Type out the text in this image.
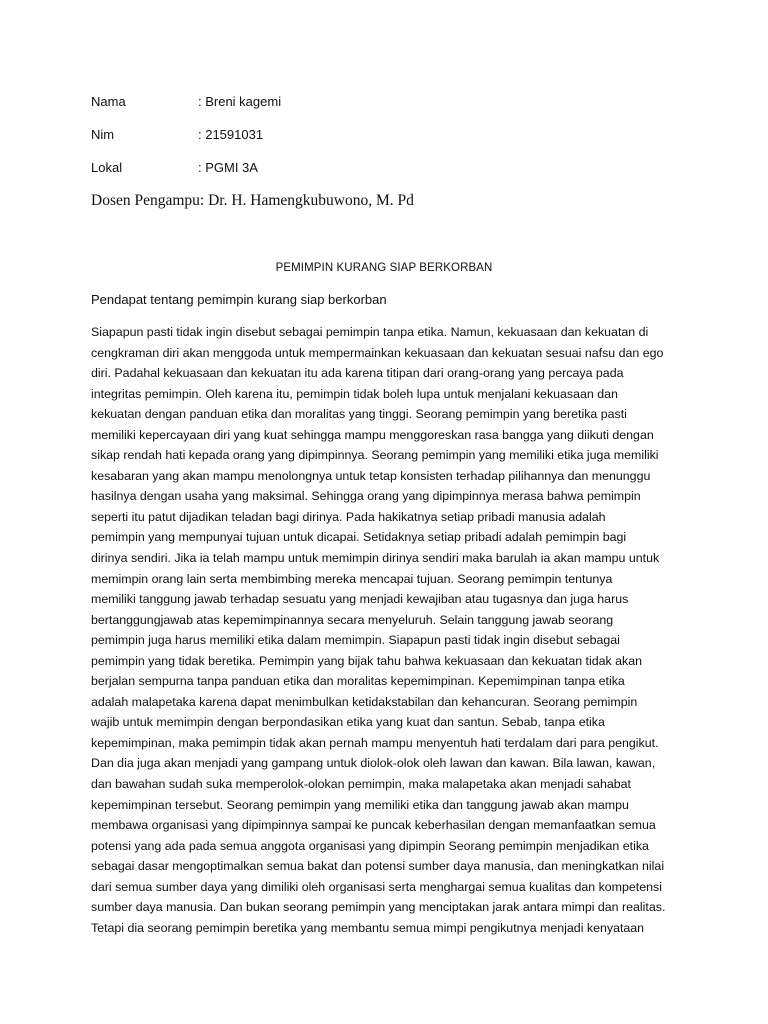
Nama	: Breni kagemi
Nim	: 21591031
Lokal	: PGMI 3A
Dosen Pengampu: Dr. H. Hamengkubuwono, M. Pd
PEMIMPIN KURANG SIAP BERKORBAN
Pendapat tentang pemimpin kurang siap berkorban
Siapapun pasti tidak ingin disebut sebagai pemimpin tanpa etika. Namun, kekuasaan dan kekuatan di
cengkraman diri akan menggoda untuk mempermainkan kekuasaan dan kekuatan sesuai nafsu dan ego
diri. Padahal kekuasaan dan kekuatan itu ada karena titipan dari orang-orang yang percaya pada
integritas pemimpin. Oleh karena itu, pemimpin tidak boleh lupa untuk menjalani kekuasaan dan
kekuatan dengan panduan etika dan moralitas yang tinggi. Seorang pemimpin yang beretika pasti
memiliki kepercayaan diri yang kuat sehingga mampu menggoreskan rasa bangga yang diikuti dengan
sikap rendah hati kepada orang yang dipimpinnya. Seorang pemimpin yang memiliki etika juga memiliki
kesabaran yang akan mampu menolongnya untuk tetap konsisten terhadap pilihannya dan menunggu
hasilnya dengan usaha yang maksimal. Sehingga orang yang dipimpinnya merasa bahwa pemimpin
seperti itu patut dijadikan teladan bagi dirinya. Pada hakikatnya setiap pribadi manusia adalah
pemimpin yang mempunyai tujuan untuk dicapai. Setidaknya setiap pribadi adalah pemimpin bagi
dirinya sendiri. Jika ia telah mampu untuk memimpin dirinya sendiri maka barulah ia akan mampu untuk
memimpin orang lain serta membimbing mereka mencapai tujuan. Seorang pemimpin tentunya
memiliki tanggung jawab terhadap sesuatu yang menjadi kewajiban atau tugasnya dan juga harus
bertanggungjawab atas kepemimpinannya secara menyeluruh. Selain tanggung jawab seorang
pemimpin juga harus memiliki etika dalam memimpin. Siapapun pasti tidak ingin disebut sebagai
pemimpin yang tidak beretika. Pemimpin yang bijak tahu bahwa kekuasaan dan kekuatan tidak akan
berjalan sempurna tanpa panduan etika dan moralitas kepemimpinan. Kepemimpinan tanpa etika
adalah malapetaka karena dapat menimbulkan ketidakstabilan dan kehancuran. Seorang pemimpin
wajib untuk memimpin dengan berpondasikan etika yang kuat dan santun. Sebab, tanpa etika
kepemimpinan, maka pemimpin tidak akan pernah mampu menyentuh hati terdalam dari para pengikut.
Dan dia juga akan menjadi yang gampang untuk diolok-olok oleh lawan dan kawan. Bila lawan, kawan,
dan bawahan sudah suka memperolok-olokan pemimpin, maka malapetaka akan menjadi sahabat
kepemimpinan tersebut. Seorang pemimpin yang memiliki etika dan tanggung jawab akan mampu
membawa organisasi yang dipimpinnya sampai ke puncak keberhasilan dengan memanfaatkan semua
potensi yang ada pada semua anggota organisasi yang dipimpin Seorang pemimpin menjadikan etika
sebagai dasar mengoptimalkan semua bakat dan potensi sumber daya manusia, dan meningkatkan nilai
dari semua sumber daya yang dimiliki oleh organisasi serta menghargai semua kualitas dan kompetensi
sumber daya manusia. Dan bukan seorang pemimpin yang menciptakan jarak antara mimpi dan realitas.
Tetapi dia seorang pemimpin beretika yang membantu semua mimpi pengikutnya menjadi kenyataan
